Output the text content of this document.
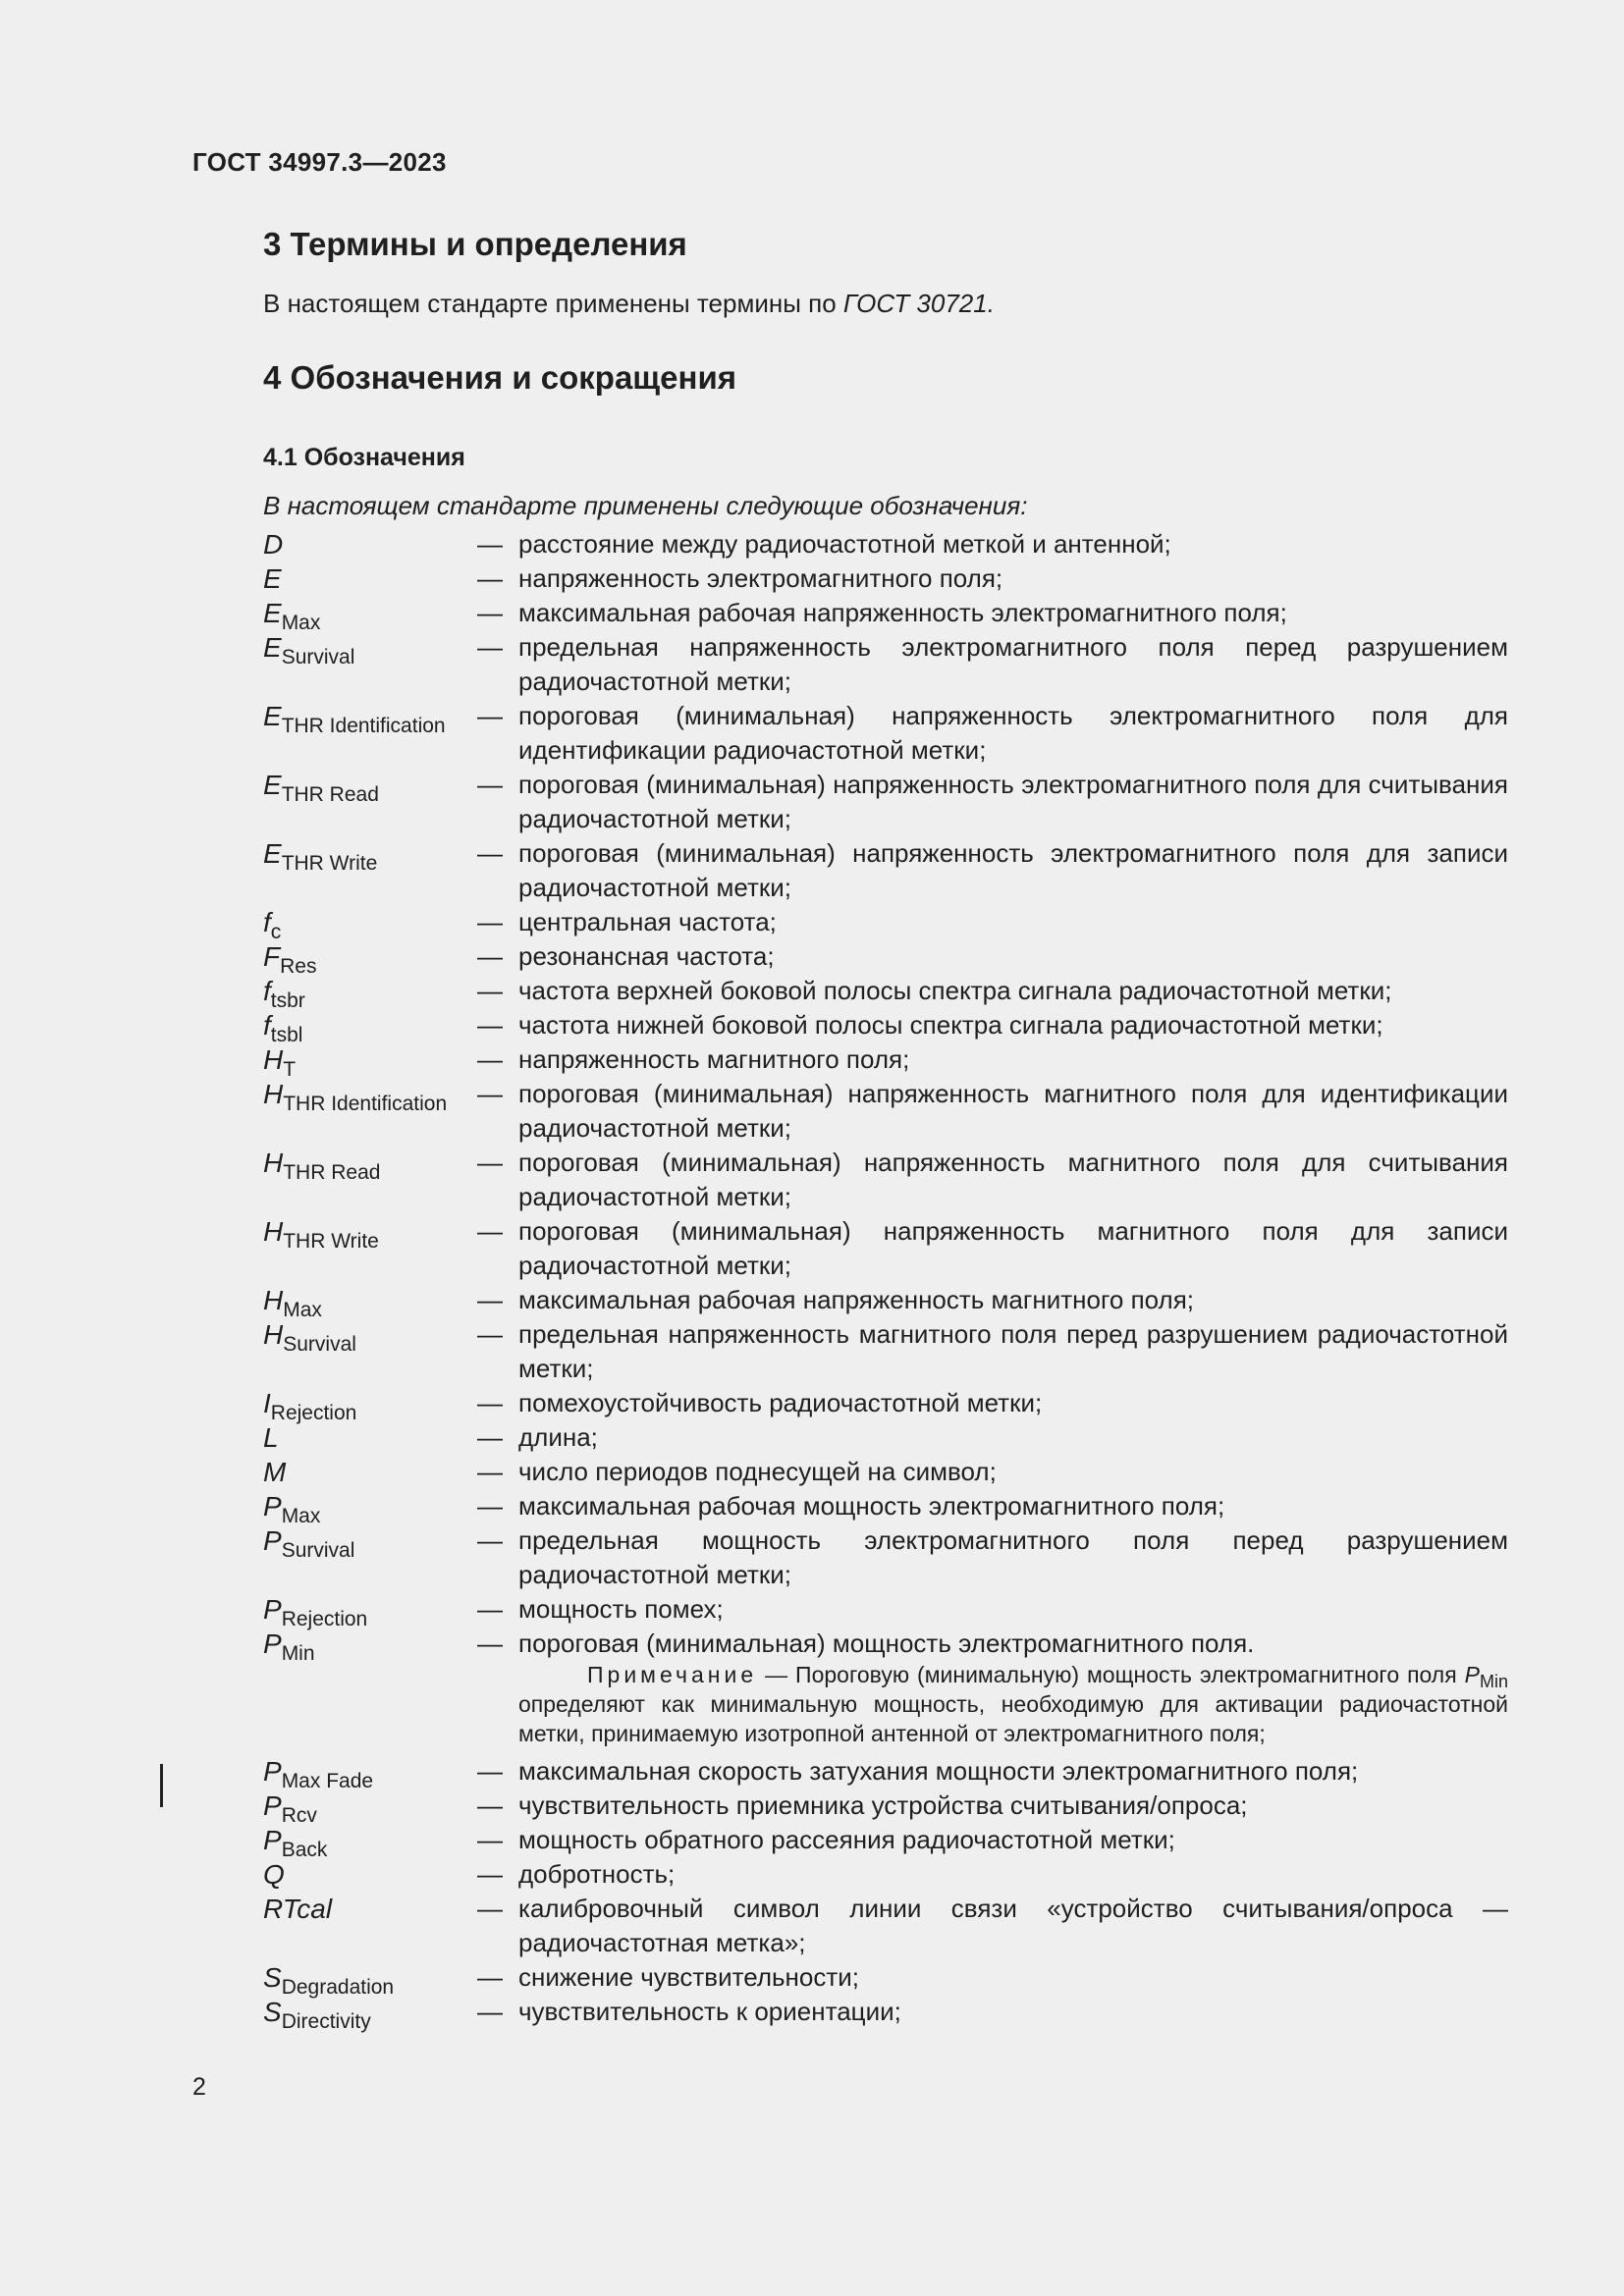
ГОСТ 34997.3—2023
3 Термины и определения
В настоящем стандарте применены термины по ГОСТ 30721.
4 Обозначения и сокращения
4.1 Обозначения
В настоящем стандарте применены следующие обозначения:
D	— расстояние между радиочастотной меткой и антенной;
E	— напряженность электромагнитного поля;
$E_{Max}$	— максимальная рабочая напряженность электромагнитного поля;
$E_{Survival}$	— предельная напряженность электромагнитного поля перед разрушением радиочастотной метки;
$E_{THR Identification}$	— пороговая (минимальная) напряженность электромагнитного поля для идентификации радиочастотной метки;
$E_{THR Read}$	— пороговая (минимальная) напряженность электромагнитного поля для считывания радиочастотной метки;
$E_{THR Write}$	— пороговая (минимальная) напряженность электромагнитного поля для записи радиочастотной метки;
$f_c$	— центральная частота;
$F_{Res}$	— резонансная частота;
$f_{tsbr}$	— частота верхней боковой полосы спектра сигнала радиочастотной метки;
$f_{tsbl}$	— частота нижней боковой полосы спектра сигнала радиочастотной метки;
$H_T$	— напряженность магнитного поля;
$H_{THR Identification}$	— пороговая (минимальная) напряженность магнитного поля для идентификации радиочастотной метки;
$H_{THR Read}$	— пороговая (минимальная) напряженность магнитного поля для считывания радиочастотной метки;
$H_{THR Write}$	— пороговая (минимальная) напряженность магнитного поля для записи радиочастотной метки;
$H_{Max}$	— максимальная рабочая напряженность магнитного поля;
$H_{Survival}$	— предельная напряженность магнитного поля перед разрушением радиочастотной метки;
$I_{Rejection}$	— помехоустойчивость радиочастотной метки;
L	— длина;
M	— число периодов поднесущей на символ;
$P_{Max}$	— максимальная рабочая мощность электромагнитного поля;
$P_{Survival}$	— предельная мощность электромагнитного поля перед разрушением радиочастотной метки;
$P_{Rejection}$	— мощность помех;
$P_{Min}$	— пороговая (минимальная) мощность электромагнитного поля.
Примечание — Пороговую (минимальную) мощность электромагнитного поля $P_{Min}$ определяют как минимальную мощность, необходимую для активации радиочастотной метки, принимаемую изотропной антенной от электромагнитного поля;
$P_{Max Fade}$	— максимальная скорость затухания мощности электромагнитного поля;
$P_{Rcv}$	— чувствительность приемника устройства считывания/опроса;
$P_{Back}$	— мощность обратного рассеяния радиочастотной метки;
Q	— добротность;
RTcal	— калибровочный символ линии связи «устройство считывания/опроса — радиочастотная метка»;
$S_{Degradation}$	— снижение чувствительности;
$S_{Directivity}$	— чувствительность к ориентации;
2
